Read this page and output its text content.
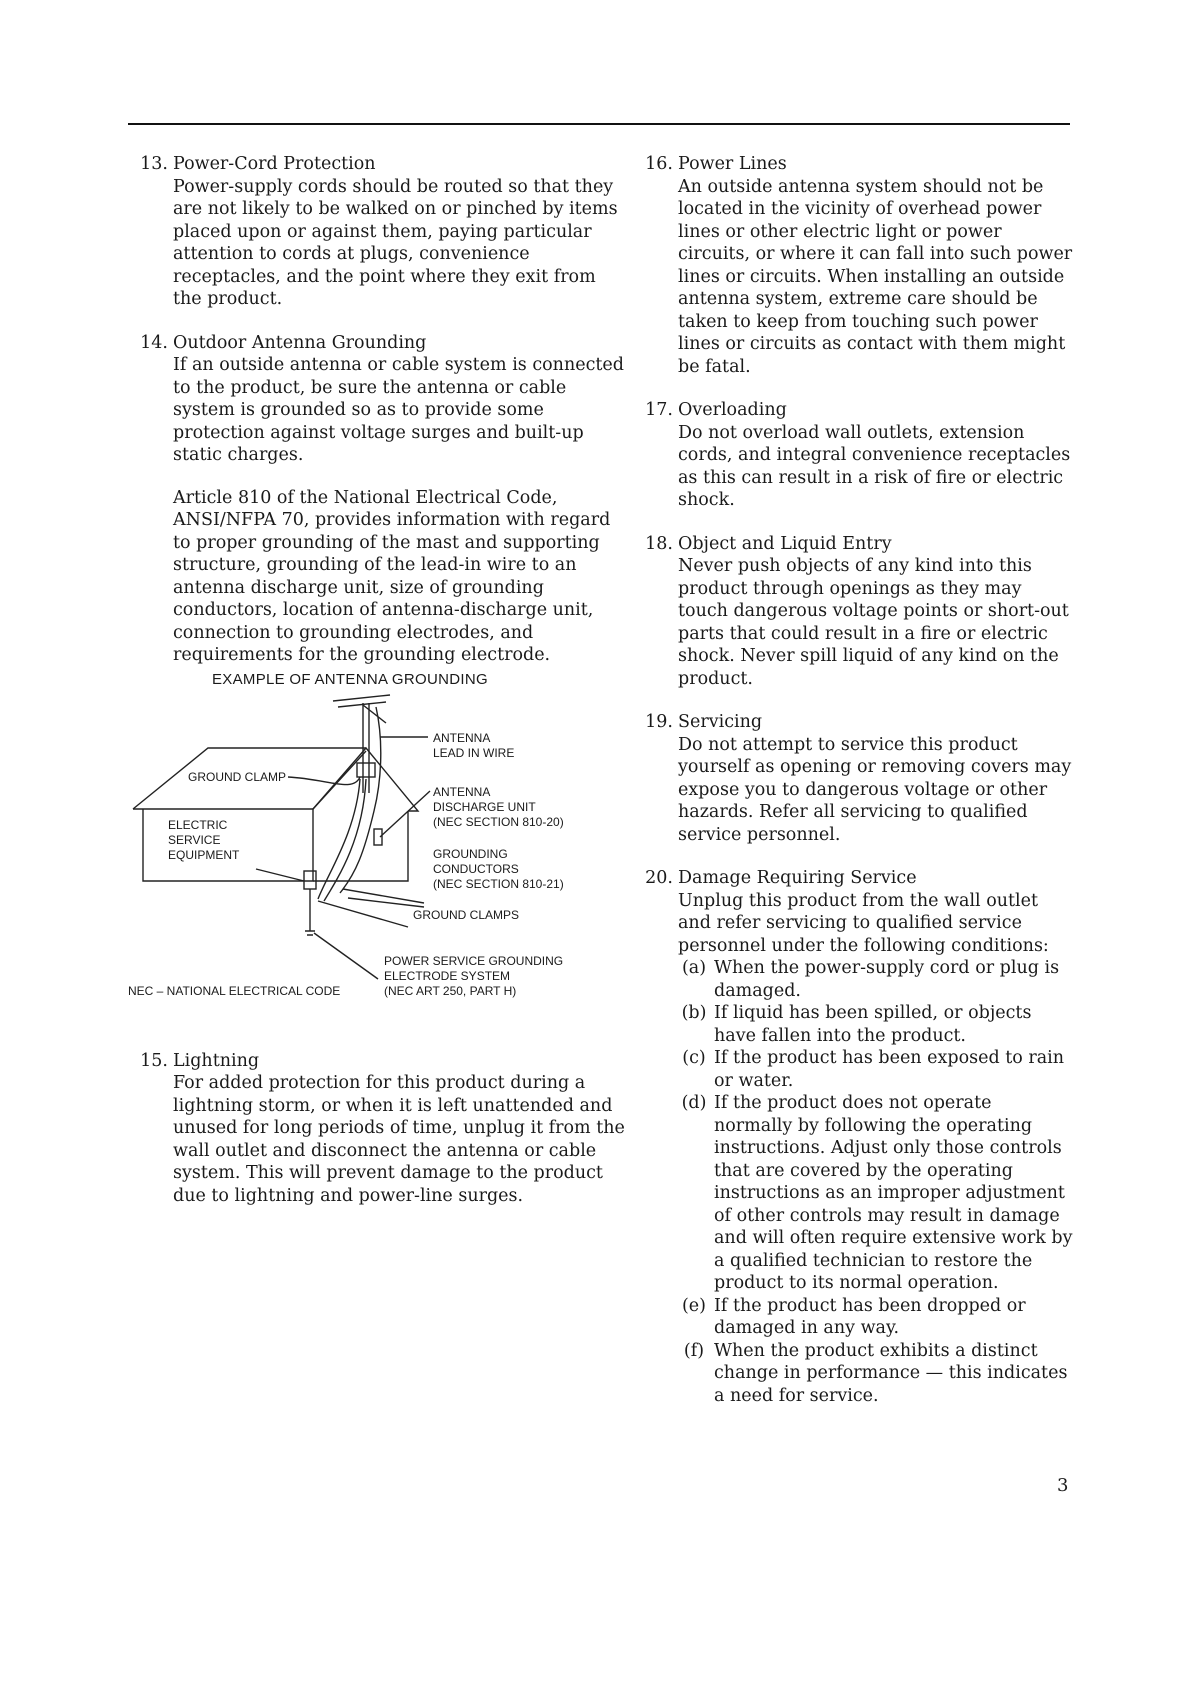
13. Power-Cord Protection

Power-supply cords should be routed so that they are not likely to be walked on or pinched by items placed upon or against them, paying particular attention to cords at plugs, convenience receptacles, and the point where they exit from the product.

14. Outdoor Antenna Grounding

If an outside antenna or cable system is connected to the product, be sure the antenna or cable system is grounded so as to provide some protection against voltage surges and built-up static charges.

Article 810 of the National Electrical Code, ANSI/NFPA 70, provides information with regard to proper grounding of the mast and supporting structure, grounding of the lead-in wire to an antenna discharge unit, size of grounding conductors, location of antenna-discharge unit, connection to grounding electrodes, and requirements for the grounding electrode.

EXAMPLE OF ANTENNA GROUNDING
ANTENNA
LEAD IN WIRE
GROUND CLAMP
ANTENNA
DISCHARGE UNIT
(NEC SECTION 810-20)
ELECTRIC
SERVICE
EQUIPMENT	GROUNDING
CONDUCTORS
(NEC SECTION 810-21)
GROUND CLAMPS
POWER SERVICE GROUNDING
ELECTRODE SYSTEM
(NEC ART 250, PART H)
NEC – NATIONAL ELECTRICAL CODE
15. Lightning

For added protection for this product during a lightning storm, or when it is left unattended and unused for long periods of time, unplug it from the wall outlet and disconnect the antenna or cable system. This will prevent damage to the product due to lightning and power-line surges.

16. Power Lines

An outside antenna system should not be located in the vicinity of overhead power lines or other electric light or power circuits, or where it can fall into such power lines or circuits. When installing an outside antenna system, extreme care should be taken to keep from touching such power lines or circuits as contact with them might be fatal.

17. Overloading

Do not overload wall outlets, extension cords, and integral convenience receptacles as this can result in a risk of fire or electric shock.

18. Object and Liquid Entry

Never push objects of any kind into this product through openings as they may touch dangerous voltage points or short-out parts that could result in a fire or electric shock. Never spill liquid of any kind on the product.

19. Servicing

Do not attempt to service this product yourself as opening or removing covers may expose you to dangerous voltage or other hazards. Refer all servicing to qualified service personnel.

20. Damage Requiring Service

Unplug this product from the wall outlet and refer servicing to qualified service personnel under the following conditions:

(a) When the power-supply cord or plug is damaged.
(b) If liquid has been spilled, or objects have fallen into the product.
(c) If the product has been exposed to rain or water.
(d) If the product does not operate normally by following the operating instructions. Adjust only those controls that are covered by the operating instructions as an improper adjustment of other controls may result in damage and will often require extensive work by a qualified technician to restore the product to its normal operation.
(e) If the product has been dropped or damaged in any way.
(f) When the product exhibits a distinct change in performance — this indicates a need for service.
3
